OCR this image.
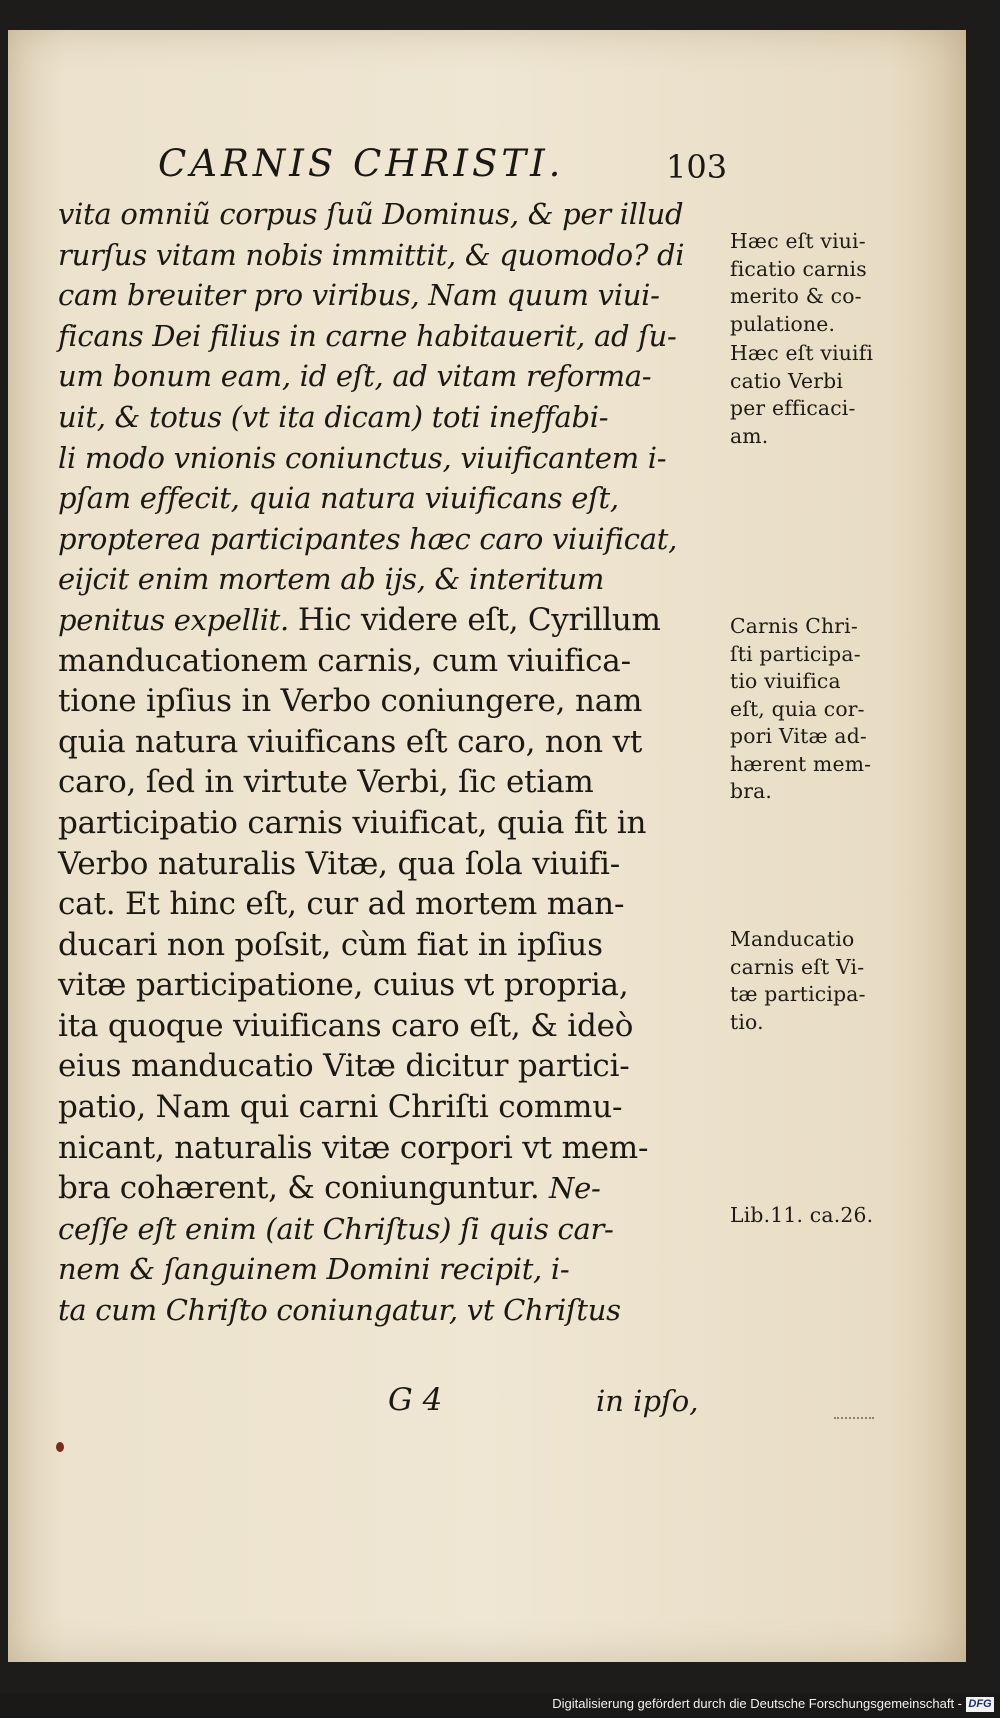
CARNIS CHRISTI.	103
vita omniũ corpus ſuũ Dominus, & per illud
rurſus vitam nobis immittit, & quomodo? di
cam breuiter pro viribus, Nam quum viui-
ficans Dei filius in carne habitauerit, ad ſu-
um bonum eam, id eſt, ad vitam reforma-
uit, & totus (vt ita dicam) toti ineffabi-
li modo vnionis coniunctus, viuificantem i-
pſam effecit, quia natura viuificans eſt,
propterea participantes hæc caro viuificat,
eijcit enim mortem ab ijs, & interitum
penitus expellit. Hic videre eſt, Cyrillum
manducationem carnis, cum viuifica-
tione ipſius in Verbo coniungere, nam
quia natura viuificans eſt caro, non vt
caro, ſed in virtute Verbi, ſic etiam
participatio carnis viuificat, quia fit in
Verbo naturalis Vitæ, qua ſola viuifi-
cat. Et hinc eſt, cur ad mortem man-
ducari non poſsit, cùm fiat in ipſius
vitæ participatione, cuius vt propria,
ita quoque viuificans caro eſt, & ideò
eius manducatio Vitæ dicitur partici-
patio, Nam qui carni Chriſti commu-
nicant, naturalis vitæ corpori vt mem-
bra cohærent, & coniunguntur. Ne-
ceſſe eſt enim (ait Chriſtus) ſi quis car-
nem & ſanguinem Domini recipit, i-
ta cum Chriſto coniungatur, vt Chriſtus
Hæc eſt viui-
ficatio carnis
merito & co-
pulatione.
Hæc eſt viuifi
catio Verbi
per efficaci-
am.
Carnis Chri-
ſti participa-
tio viuifica
eſt, quia cor-
pori Vitæ ad-
hærent mem-
bra.
Manducatio
carnis eſt Vi-
tæ participa-
tio.
Lib.11. ca.26.
G 4	in ipſo,
Digitalisierung gefördert durch die Deutsche Forschungsgemeinschaft - DFG
